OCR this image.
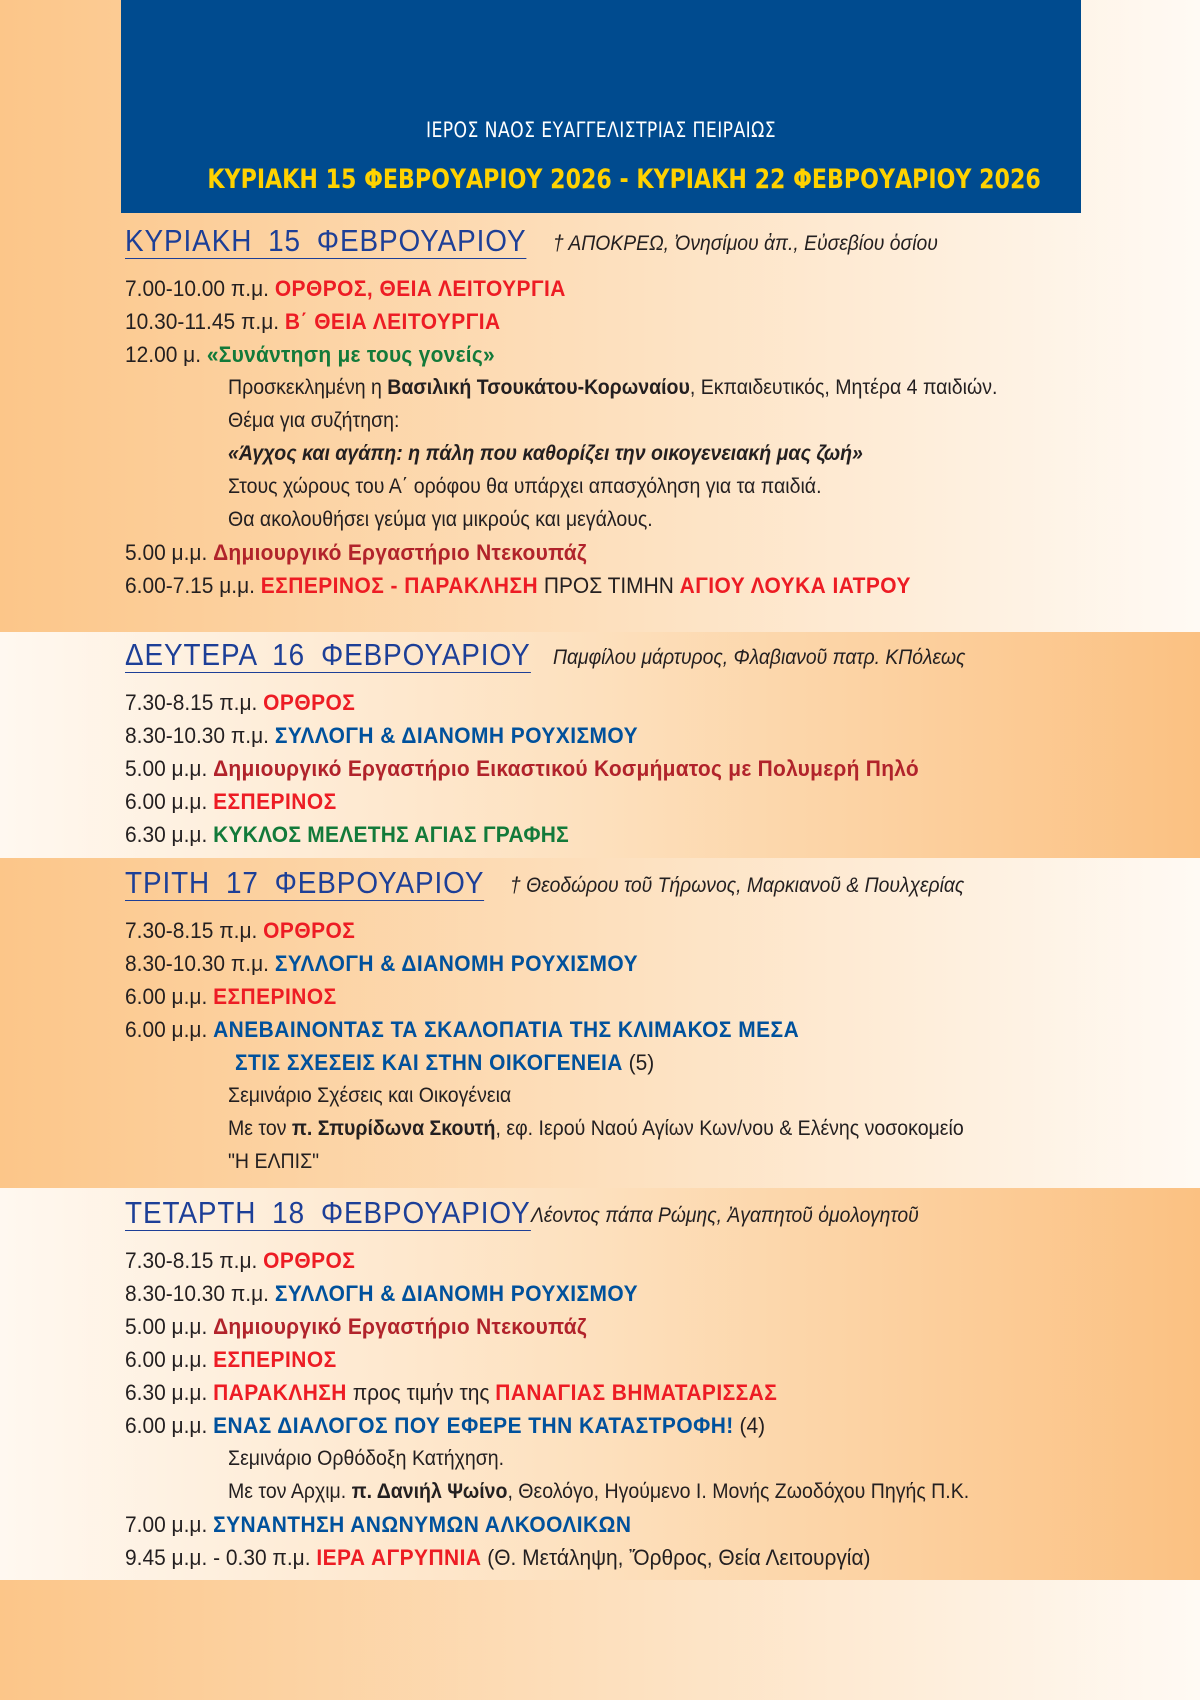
ΙΕΡΟΣ ΝΑΟΣ ΕΥΑΓΓΕΛΙΣΤΡΙΑΣ ΠΕΙΡΑΙΩΣ
ΚΥΡΙΑΚΗ 15 ΦΕΒΡΟΥΑΡΙΟΥ 2026 - ΚΥΡΙΑΚΗ 22 ΦΕΒΡΟΥΑΡΙΟΥ 2026
ΚΥΡΙΑΚΗ 15 ΦΕΒΡΟΥΑΡΙΟΥ † ΑΠΟΚΡΕΩ, Ὀνησίμου ἀπ., Εὐσεβίου ὁσίου
7.00-10.00 π.μ. ΟΡΘΡΟΣ, ΘΕΙΑ ΛΕΙΤΟΥΡΓΙΑ
10.30-11.45 π.μ. Β΄ ΘΕΙΑ ΛΕΙΤΟΥΡΓΙΑ
12.00 μ. «Συνάντηση με τους γονείς»
Προσκεκλημένη η Βασιλική Τσουκάτου-Κορωναίου, Εκπαιδευτικός, Μητέρα 4 παιδιών.
Θέμα για συζήτηση:
«Άγχος και αγάπη: η πάλη που καθορίζει την οικογενειακή μας ζωή»
Στους χώρους του Α΄ ορόφου θα υπάρχει απασχόληση για τα παιδιά.
Θα ακολουθήσει γεύμα για μικρούς και μεγάλους.
5.00 μ.μ. Δημιουργικό Εργαστήριο Ντεκουπάζ
6.00-7.15 μ.μ. ΕΣΠΕΡΙΝΟΣ - ΠΑΡΑΚΛΗΣΗ ΠΡΟΣ ΤΙΜΗΝ ΑΓΙΟΥ ΛΟΥΚΑ ΙΑΤΡΟΥ
ΔΕΥΤΕΡΑ 16 ΦΕΒΡΟΥΑΡΙΟΥ Παμφίλου μάρτυρος, Φλαβιανοῦ πατρ. ΚΠόλεως
7.30-8.15 π.μ. ΟΡΘΡΟΣ
8.30-10.30 π.μ. ΣΥΛΛΟΓΗ & ΔΙΑΝΟΜΗ ΡΟΥΧΙΣΜΟΥ
5.00 μ.μ. Δημιουργικό Εργαστήριο Εικαστικού Κοσμήματος με Πολυμερή Πηλό
6.00 μ.μ. ΕΣΠΕΡΙΝΟΣ
6.30 μ.μ. ΚΥΚΛΟΣ ΜΕΛΕΤΗΣ ΑΓΙΑΣ ΓΡΑΦΗΣ
ΤΡΙΤΗ 17 ΦΕΒΡΟΥΑΡΙΟΥ † Θεοδώρου τοῦ Τήρωνος, Μαρκιανοῦ & Πουλχερίας
7.30-8.15 π.μ. ΟΡΘΡΟΣ
8.30-10.30 π.μ. ΣΥΛΛΟΓΗ & ΔΙΑΝΟΜΗ ΡΟΥΧΙΣΜΟΥ
6.00 μ.μ. ΕΣΠΕΡΙΝΟΣ
6.00 μ.μ. ΑΝΕΒΑΙΝΟΝΤΑΣ ΤΑ ΣΚΑΛΟΠΑΤΙΑ ΤΗΣ ΚΛΙΜΑΚΟΣ ΜΕΣΑ
ΣΤΙΣ ΣΧΕΣΕΙΣ ΚΑΙ ΣΤΗΝ ΟΙΚΟΓΕΝΕΙΑ (5)
Σεμινάριο Σχέσεις και Οικογένεια
Με τον π. Σπυρίδωνα Σκουτή, εφ. Ιερού Ναού Αγίων Κων/νου & Ελένης νοσοκομείο
"Η ΕΛΠΙΣ"
ΤΕΤΑΡΤΗ 18 ΦΕΒΡΟΥΑΡΙΟΥ Λέοντος πάπα Ρώμης, Ἀγαπητοῦ ὁμολογητοῦ
7.30-8.15 π.μ. ΟΡΘΡΟΣ
8.30-10.30 π.μ. ΣΥΛΛΟΓΗ & ΔΙΑΝΟΜΗ ΡΟΥΧΙΣΜΟΥ
5.00 μ.μ. Δημιουργικό Εργαστήριο Ντεκουπάζ
6.00 μ.μ. ΕΣΠΕΡΙΝΟΣ
6.30 μ.μ. ΠΑΡΑΚΛΗΣΗ προς τιμήν της ΠΑΝΑΓΙΑΣ ΒΗΜΑΤΑΡΙΣΣΑΣ
6.00 μ.μ. ΕΝΑΣ ΔΙΑΛΟΓΟΣ ΠΟΥ ΕΦΕΡΕ ΤΗΝ ΚΑΤΑΣΤΡΟΦΗ! (4)
Σεμινάριο Ορθόδοξη Κατήχηση.
Με τον Αρχιμ. π. Δανιήλ Ψωίνο, Θεολόγο, Ηγούμενο Ι. Μονής Ζωοδόχου Πηγής Π.Κ.
7.00 μ.μ. ΣΥΝΑΝΤΗΣΗ ΑΝΩΝΥΜΩΝ ΑΛΚΟΟΛΙΚΩΝ
9.45 μ.μ. - 0.30 π.μ. ΙΕΡΑ ΑΓΡΥΠΝΙΑ (Θ. Μετάληψη, Ὄρθρος, Θεία Λειτουργία)
